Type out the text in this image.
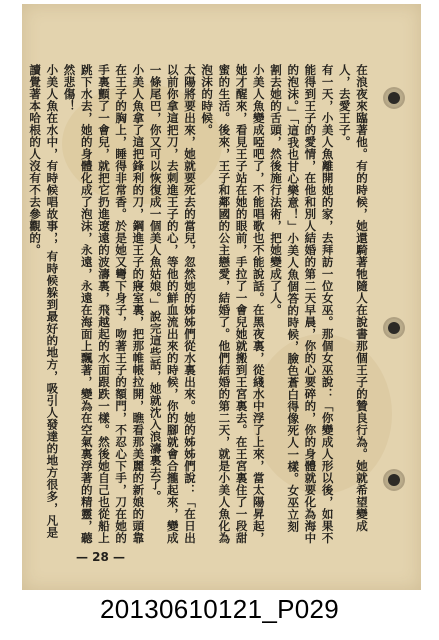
在浪夜來臨著他。有的時候，她還騎著牠隨人在說書那個王子的贊良行為。她就希望變成人，去愛王子。

有一天，小美人魚離開她的家，去拜訪一位女巫。那個女巫說：「你變成人形以後，如果不能得到王子的愛情，在他和別人結婚的第二天早晨，你的心要碎的，你的身體就要化為海中的泡沫。」「這我也甘心樂意！」小美人魚個答的時候，臉色蒼白得像死人一樣。女巫立刻割去她的舌頭，然後施行法術，把她變成了人。

小美人魚變成啞吧了，不能唱歌也不能說話。在黑夜裏，從綫水中浮了上來，當太陽昇起，她才醒來，看見王子站在她的眼前，手拉了一會兒她就搬到王宮裏去。在王宮裏住了一段甜蜜的生活。後來，王子和鄰國的公主戀愛，結婚了。他們結婚的第二天，就是小美人魚化為泡沫的時候。

太陽將要出來，她就要死去的當兒，忽然她的姊姊們從水裏出來。她的姊姊們說：「在日出以前你拿這把刀，去刺進王子的心，等他的鮮血流出來的時候，你的腳就會合攏起來，變成一條尾巴，你又可以恢復成一個美人魚姑娘。」說完這些話，她就沈入浪濤裏去了。

小美人魚拿了這把鋒利的刀，鋼進王子的寢室裏，把那帷帳拉開，瞧看那美麗的新娘的頭靠在王子的胸上，睡得非常香。於是她又彎下身子，吻著王子的額門，不忍心下手，刀在她的手裏顫了一會兒，就把它扔進遼遠的波濤裏，飛越起的水面跟跌一樣。然後她自己也從船上跳下水去，她的身體化成了泡沫，永遠，永遠在海面上飄著，變為在空氣裏浮著的精靈，聽然悲傷！

小美人魚在水中，有時候唱故事，，有時候躲到最好的地方，吸引人發達的地方很多，凡是讀覺著本哈根的人沒有不去參觀的。

— 28 —
20130610121_P029
